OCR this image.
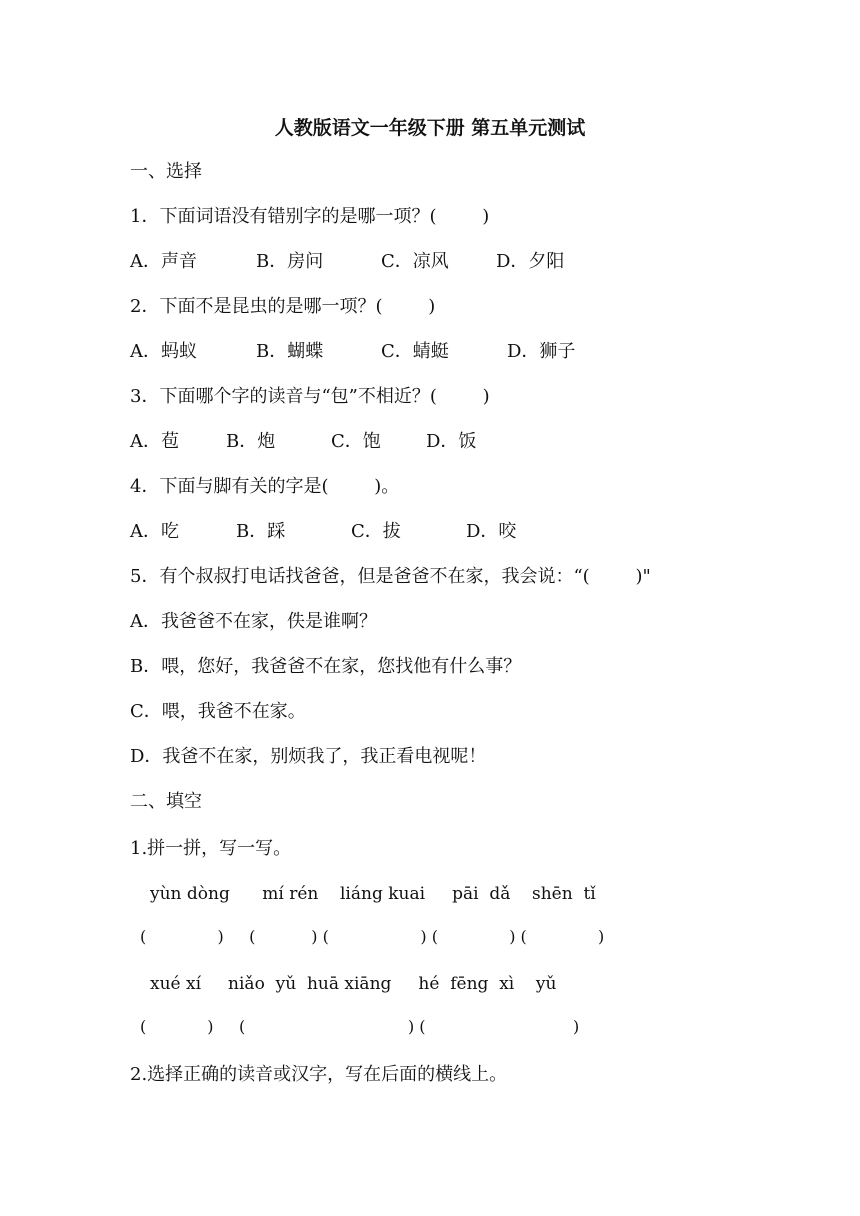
人教版语文一年级下册 第五单元测试
一、选择
1．下面词语没有错别字的是哪一项？(        )
A．声音	B．房问	C．凉风	D．夕阳
2．下面不是昆虫的是哪一项？(        )
A．蚂蚁	B．蝴蝶	C．蜻蜓	D．狮子
3．下面哪个字的读音与“包”不相近？(        )
A．苞	B．炮	C．饱	D．饭
4．下面与脚有关的字是(        )。
A．吃	B．踩	C．拔	D．咬
5．有个叔叔打电话找爸爸，但是爸爸不在家，我会说：“(        )"
A．我爸爸不在家，佚是谁啊？
B．喂，您好，我爸爸不在家，您找他有什么事？
C．喂，我爸不在家。
D．我爸不在家，别烦我了，我正看电视呢！
二、填空
1.拼一拼，写一写。
yùn dòng      mí rén    liáng kuai     pāi  dǎ    shēn  tǐ
(              )     (           ) (                  ) (              ) (              )
xué xí     niǎo  yǔ  huā xiāng     hé  fēng  xì    yǔ
(            )     (                                ) (                             )
2.选择正确的读音或汉字，写在后面的横线上。
